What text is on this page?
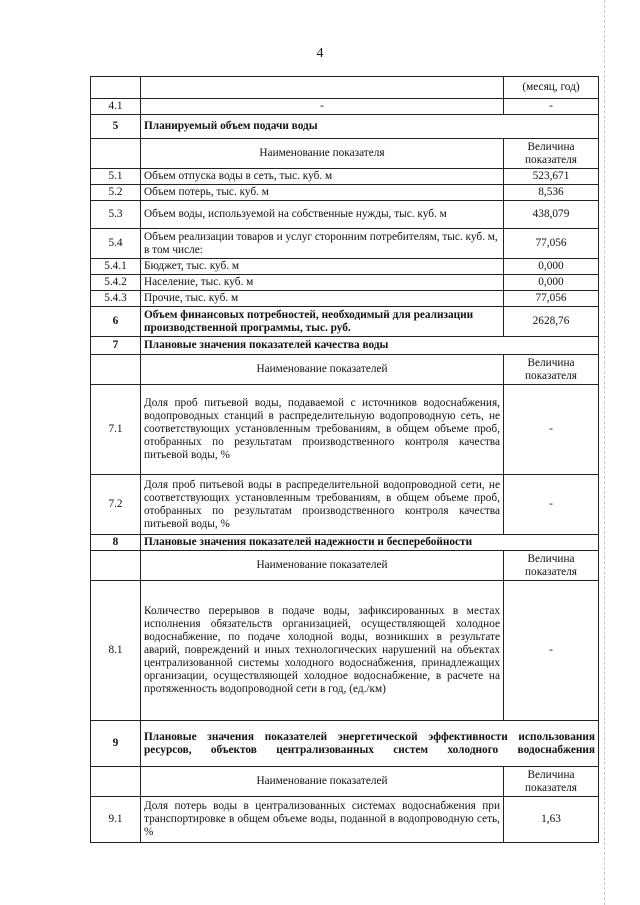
4
		(месяц, год)
4.1	-	-
5	Планируемый объем подачи воды	
	Наименование показателя	Величина показателя
5.1	Объем отпуска воды в сеть, тыс. куб. м	523,671
5.2	Объем потерь, тыс. куб. м	8,536
5.3	Объем воды, используемой на собственные нужды, тыс. куб. м	438,079
5.4	Объем реализации товаров и услуг сторонним потребителям, тыс. куб. м, в том числе:	77,056
5.4.1	Бюджет, тыс. куб. м	0,000
5.4.2	Население, тыс. куб. м	0,000
5.4.3	Прочие, тыс. куб. м	77,056
6	Объем финансовых потребностей, необходимый для реализации производственной программы, тыс. руб.	2628,76
7	Плановые значения показателей качества воды	
	Наименование показателей	Величина показателя
7.1	Доля проб питьевой воды, подаваемой с источников водоснабжения, водопроводных станций в распределительную водопроводную сеть, не соответствующих установленным требованиям, в общем объеме проб, отобранных по результатам производственного контроля качества питьевой воды, %	-
7.2	Доля проб питьевой воды в распределительной водопроводной сети, не соответствующих установленным требованиям, в общем объеме проб, отобранных по результатам производственного контроля качества питьевой воды, %	-
8	Плановые значения показателей надежности и бесперебойности	
	Наименование показателей	Величина показателя
8.1	Количество перерывов в подаче воды, зафиксированных в местах исполнения обязательств организацией, осуществляющей холодное водоснабжение, по подаче холодной воды, возникших в результате аварий, повреждений и иных технологических нарушений на объектах централизованной системы холодного водоснабжения, принадлежащих организации, осуществляющей холодное водоснабжение, в расчете на протяженность водопроводной сети в год, (ед./км)	-
9	Плановые значения показателей энергетической эффективности использования ресурсов, объектов централизованных систем холодного водоснабжения	
	Наименование показателей	Величина показателя
9.1	Доля потерь воды в централизованных системах водоснабжения при транспортировке в общем объеме воды, поданной в водопроводную сеть, %	1,63
